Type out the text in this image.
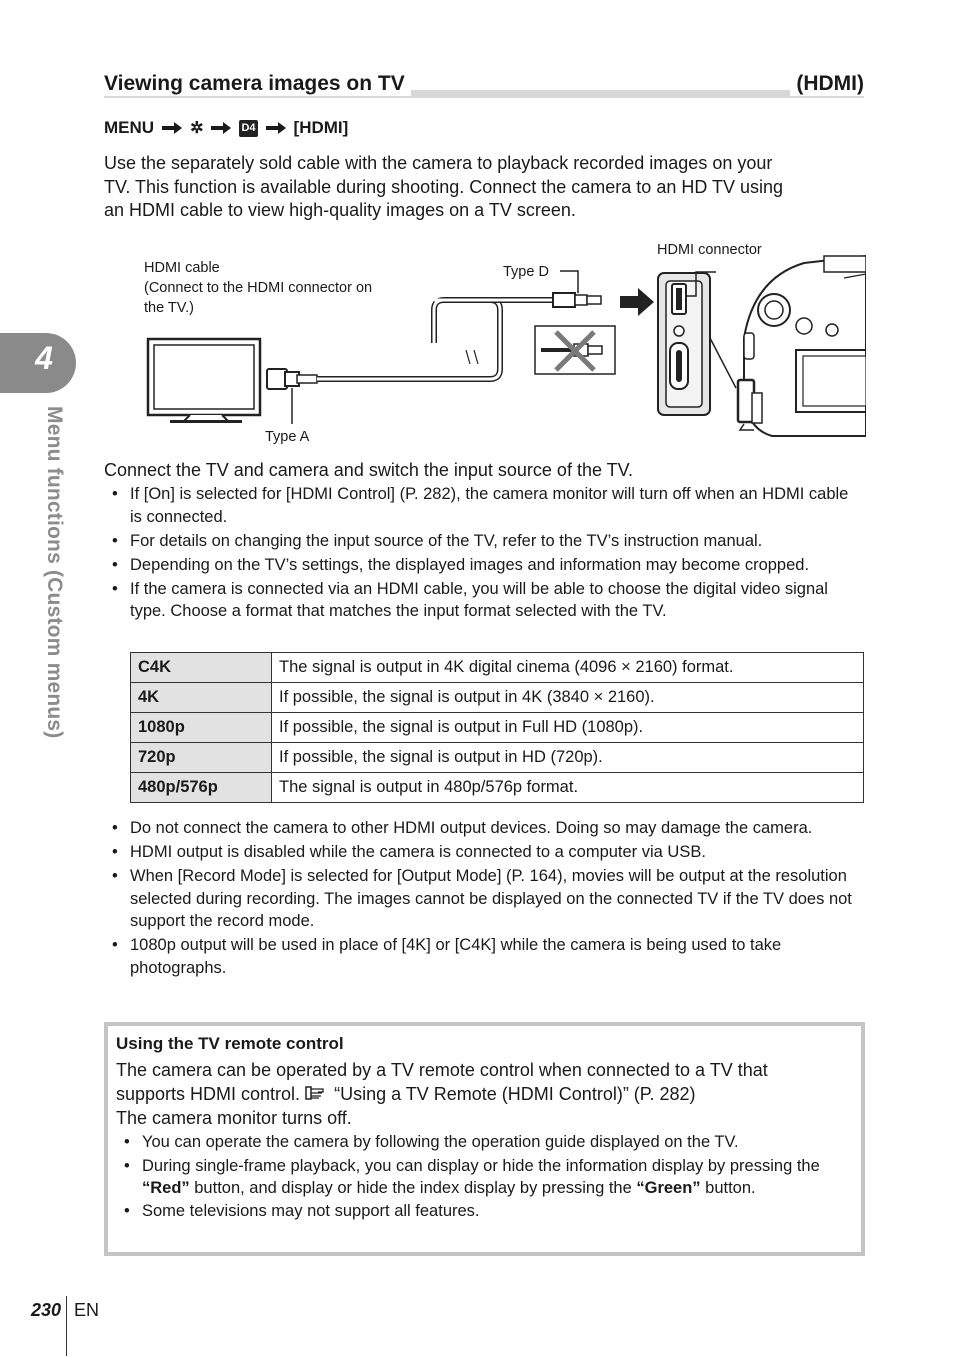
4
Menu functions (Custom menus)
Viewing camera images on TV	(HDMI)
MENU ✲	D4 [HDMI]
Use the separately sold cable with the camera to playback recorded images on your
TV. This function is available during shooting. Connect the camera to an HD TV using
an HDMI cable to view high-quality images on a TV screen.
HDMI cable
(Connect to the HDMI connector on
the TV.)
Type D
Type A
HDMI connector
Connect the TV and camera and switch the input source of the TV.
• If [On] is selected for [HDMI Control] (P. 282), the camera monitor will turn off when an HDMI cable is connected.
• For details on changing the input source of the TV, refer to the TV’s instruction manual.
• Depending on the TV’s settings, the displayed images and information may become cropped.
• If the camera is connected via an HDMI cable, you will be able to choose the digital video signal type. Choose a format that matches the input format selected with the TV.
C4K	The signal is output in 4K digital cinema (4096 × 2160) format.
4K	If possible, the signal is output in 4K (3840 × 2160).
1080p	If possible, the signal is output in Full HD (1080p).
720p	If possible, the signal is output in HD (720p).
480p/576p	The signal is output in 480p/576p format.
• Do not connect the camera to other HDMI output devices. Doing so may damage the camera.
• HDMI output is disabled while the camera is connected to a computer via USB.
• When [Record Mode] is selected for [Output Mode] (P. 164), movies will be output at the resolution selected during recording. The images cannot be displayed on the connected TV if the TV does not support the record mode.
• 1080p output will be used in place of [4K] or [C4K] while the camera is being used to take photographs.
Using the TV remote control
The camera can be operated by a TV remote control when connected to a TV that
supports HDMI control.  “Using a TV Remote (HDMI Control)” (P. 282)
The camera monitor turns off.
• You can operate the camera by following the operation guide displayed on the TV.
• During single-frame playback, you can display or hide the information display by pressing the “Red” button, and display or hide the index display by pressing the “Green” button.
• Some televisions may not support all features.
230 EN
